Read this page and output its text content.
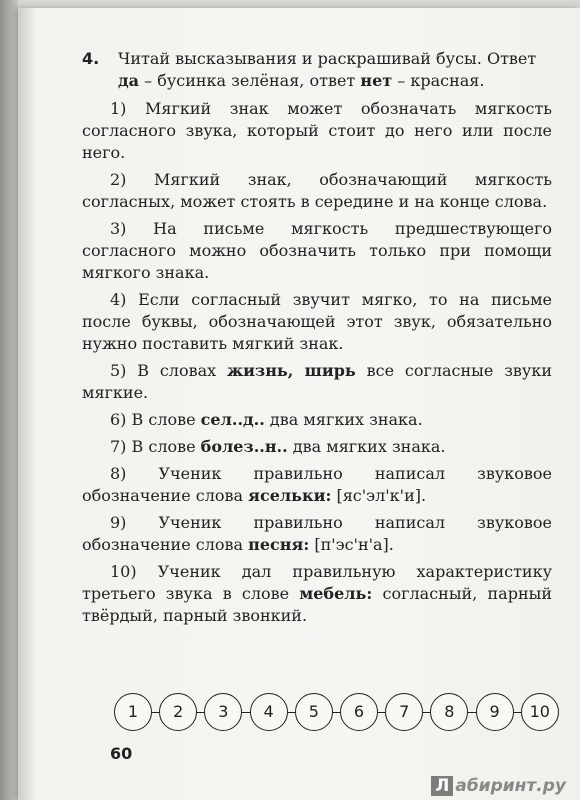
4. Читай высказывания и раскрашивай бусы. Ответ да – бусинка зелёная, ответ нет – красная.

1) Мягкий знак может обозначать мягкость согласного звука, который стоит до него или после него.

2) Мягкий знак, обозначающий мягкость согласных, может стоять в середине и на конце слова.

3) На письме мягкость предшествующего согласного можно обозначить только при помощи мягкого знака.

4) Если согласный звучит мягко, то на письме после буквы, обозначающей этот звук, обязательно нужно поставить мягкий знак.

5) В словах жизнь, ширь все согласные звуки мягкие.

6) В слове сел..д.. два мягких знака.

7) В слове болез..н.. два мягких знака.

8) Ученик правильно написал звуковое обозначение слова ясельки: [яс'эл'к'и].

9) Ученик правильно написал звуковое обозначение слова песня: [п'эс'н'а].

10) Ученик дал правильную характеристику третьего звука в слове мебель: согласный, парный твёрдый, парный звонкий.

1	2	3	4	5	6	7	8	9	10
60
Л абиринт.ру
